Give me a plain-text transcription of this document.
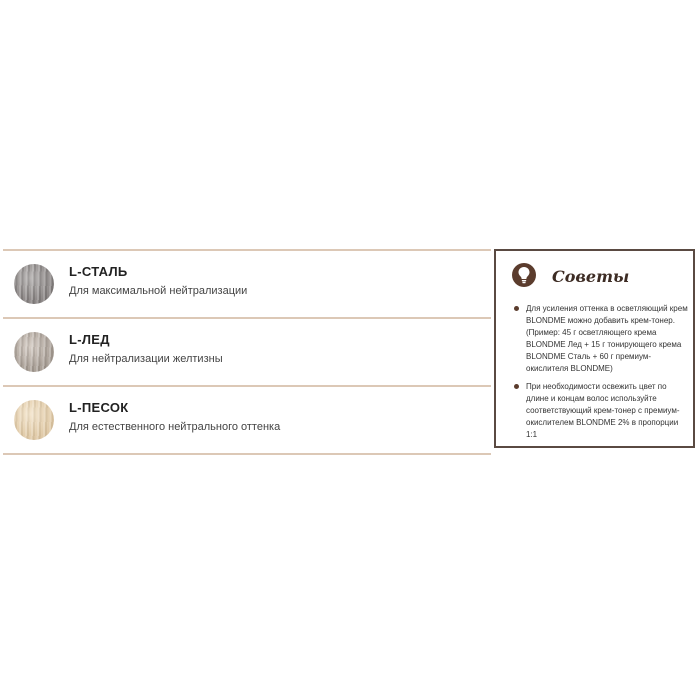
L-СТАЛЬ
Для максимальной нейтрализации
L-ЛЕД
Для нейтрализации желтизны
L-ПЕСОК
Для естественного нейтрального оттенка
Советы
Для усиления оттенка в осветляющий крем BLONDME можно добавить крем-тонер. (Пример: 45 г осветляющего крема BLONDME Лед + 15 г тонирующего крема BLONDME Сталь + 60 г премиум-окислителя BLONDME)
При необходимости освежить цвет по длине и концам волос используйте соответствующий крем-тонер с премиум-окислителем BLONDME 2% в пропорции 1:1
